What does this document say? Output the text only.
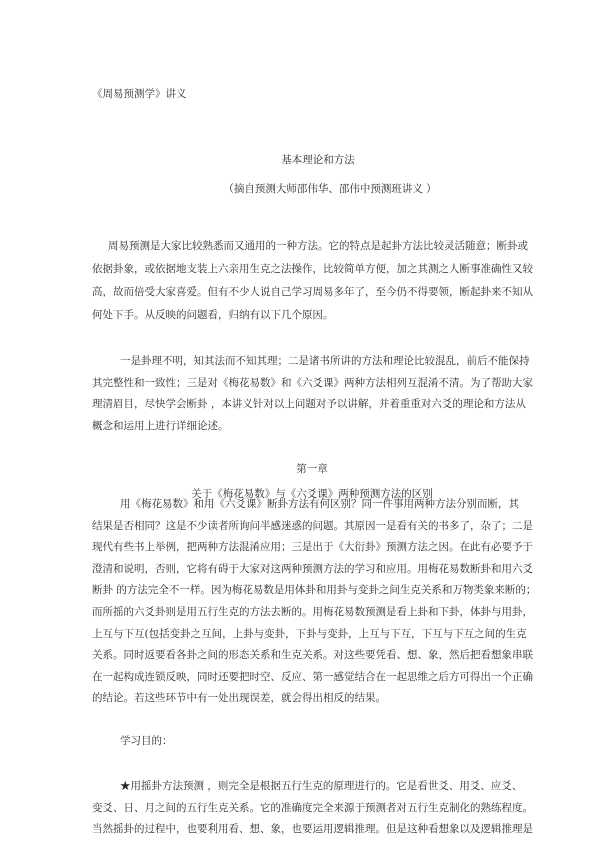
《周易预测学》讲义
基本理论和方法
（摘自预测大师邵伟华、邵伟中预测班讲义 ）
周易预测是大家比较熟悉而又通用的一种方法。它的特点是起卦方法比较灵活随意；断卦或
依据卦象，或依据地支装上六亲用生克之法操作，比较简单方便，加之其测之人断事准确性又较
高，故而倍受大家喜爱。但有不少人说自己学习周易多年了，至今仍不得要领，断起卦来不知从
何处下手。从反映的问题看，归纳有以下几个原因。
一是卦理不明，知其法而不知其理；二是诸书所讲的方法和理论比较混乱，前后不能保持
其完整性和一致性；三是对《梅花易数》和《六爻课》两种方法相列互混淆不清。为了帮助大家
理清眉目，尽快学会断卦 ，本讲义针对以上问题对予以讲解，并着重重对六爻的理论和方法从
概念和运用上进行详细论述。
第一章
关于《梅花易数》与《六爻课》两种预测方法的区别
用《梅花易数》和用《六爻课》断卦方法有何区别？同一件事用两种方法分别而断，其
结果是否相同？这是不少读者所询问半感迷惑的问题。其原因一是看有关的书多了，杂了；二是
现代有些书上举例，把两种方法混淆应用；三是出于《大衍卦》预测方法之因。在此有必要予于
澄清和说明，否则，它将有碍于大家对这两种预测方法的学习和应用。用梅花易数断卦和用六爻
断卦 的方法完全不一样。因为梅花易数是用体卦和用卦与变卦之间生克关系和万物类象来断的；
而所摇的六爻卦则是用五行生克的方法去断的。用梅花易数预测是看上卦和下卦，体卦与用卦，
上互与下互(包括变卦之互间，上卦与变卦，下卦与变卦，上互与下互，下互与下互之间的生克
关系。同时返要看各卦之间的形态关系和生克关系。对这些要凭看、想、象，然后把看想象串联
在一起构成连锁反映，同时还要把时空、反应、第一感觉结合在一起思维之后方可得出一个正确
的结论。若这些环节中有一处出现误差，就会得出相反的结果。
学习目的：
★用摇卦方法预测 ，则完全是根据五行生克的原理进行的。它是看世爻、用爻、应爻、
变爻、日、月之间的五行生克关系。它的准确度完全来源于预测者对五行生克制化的熟练程度。
当然摇卦的过程中，也要利用看、想、象，也要运用逻辑推理。但是这种看想象以及逻辑推理是
